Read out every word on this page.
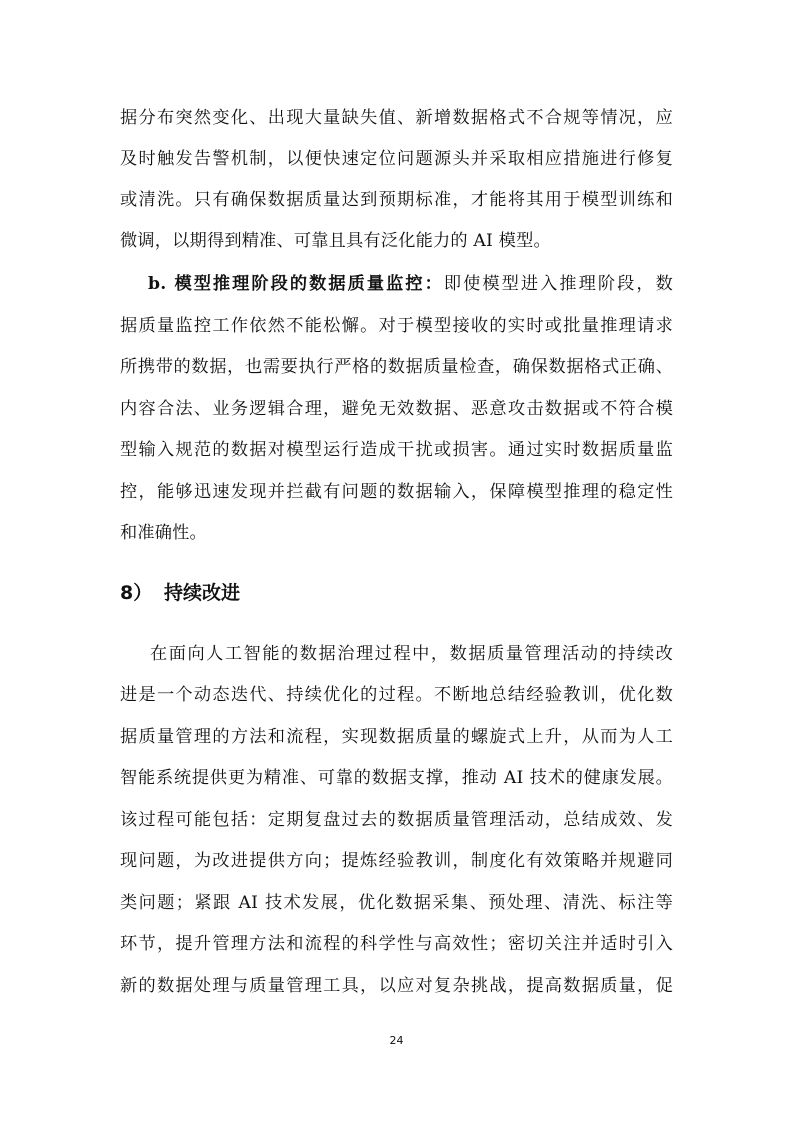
据分布突然变化、出现大量缺失值、新增数据格式不合规等情况，应
及时触发告警机制，以便快速定位问题源头并采取相应措施进行修复
或清洗。只有确保数据质量达到预期标准，才能将其用于模型训练和
微调，以期得到精准、可靠且具有泛化能力的 AI 模型。
b. 模型推理阶段的数据质量监控：即使模型进入推理阶段，数
据质量监控工作依然不能松懈。对于模型接收的实时或批量推理请求
所携带的数据，也需要执行严格的数据质量检查，确保数据格式正确、
内容合法、业务逻辑合理，避免无效数据、恶意攻击数据或不符合模
型输入规范的数据对模型运行造成干扰或损害。通过实时数据质量监
控，能够迅速发现并拦截有问题的数据输入，保障模型推理的稳定性
和准确性。
8） 持续改进
在面向人工智能的数据治理过程中，数据质量管理活动的持续改
进是一个动态迭代、持续优化的过程。不断地总结经验教训，优化数
据质量管理的方法和流程，实现数据质量的螺旋式上升，从而为人工
智能系统提供更为精准、可靠的数据支撑，推动 AI 技术的健康发展。
该过程可能包括：定期复盘过去的数据质量管理活动，总结成效、发
现问题，为改进提供方向；提炼经验教训，制度化有效策略并规避同
类问题；紧跟 AI 技术发展，优化数据采集、预处理、清洗、标注等
环节，提升管理方法和流程的科学性与高效性；密切关注并适时引入
新的数据处理与质量管理工具，以应对复杂挑战，提高数据质量，促
24
